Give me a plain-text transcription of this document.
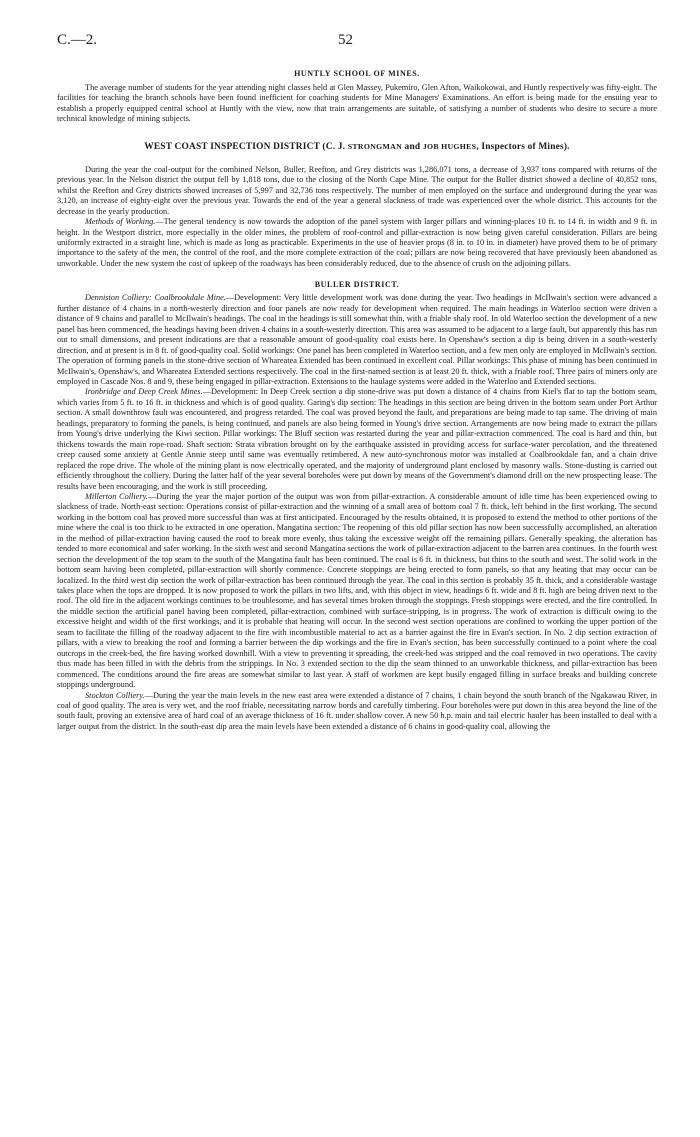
C.—2.	52
HUNTLY SCHOOL OF MINES.

The average number of students for the year attending night classes held at Glen Massey, Pukemiro, Glen Afton, Waikokowai, and Huntly respectively was fifty-eight. The facilities for teaching the branch schools have been found inefficient for coaching students for Mine Managers' Examinations. An effort is being made for the ensuing year to establish a properly equipped central school at Huntly with the view, now that train arrangements are suitable, of satisfying a number of students who desire to secure a more technical knowledge of mining subjects.

WEST COAST INSPECTION DISTRICT (C. J. STRONGMAN and JOB HUGHES, Inspectors of Mines).

During the year the coal-output for the combined Nelson, Buller, Reefton, and Grey districts was 1,286,071 tons, a decrease of 3,937 tons compared with returns of the previous year. In the Nelson district the output fell by 1,818 tons, due to the closing of the North Cape Mine. The output for the Buller district showed a decline of 40,852 tons, whilst the Reefton and Grey districts showed increases of 5,997 and 32,736 tons respectively. The number of men employed on the surface and underground during the year was 3,120, an increase of eighty-eight over the previous year. Towards the end of the year a general slackness of trade was experienced over the whole district. This accounts for the decrease in the yearly production.

Methods of Working.—The general tendency is now towards the adoption of the panel system with larger pillars and winning-places 10 ft. to 14 ft. in width and 9 ft. in height. In the Westport district, more especially in the older mines, the problem of roof-control and pillar-extraction is now being given careful consideration. Pillars are being uniformly extracted in a straight line, which is made as long as practicable. Experiments in the use of heavier props (8 in. to 10 in. in diameter) have proved them to be of primary importance to the safety of the men, the control of the roof, and the more complete extraction of the coal; pillars are now being recovered that have previously been abandoned as unworkable. Under the new system the cost of upkeep of the roadways has been considerably reduced, due to the absence of crush on the adjoining pillars.

BULLER DISTRICT.

Denniston Colliery: Coalbrookdale Mine.—Development: Very little development work was done during the year. Two headings in McIlwain's section were advanced a further distance of 4 chains in a north-westerly direction and four panels are now ready for development when required. The main headings in Waterloo section were driven a distance of 9 chains and parallel to McIlwain's headings. The coal in the headings is still somewhat thin, with a friable shaly roof. In old Waterloo section the development of a new panel has been commenced, the headings having been driven 4 chains in a south-westerly direction. This area was assumed to be adjacent to a large fault, but apparently this has run out to small dimensions, and present indications are that a reasonable amount of good-quality coal exists here. In Openshaw's section a dip is being driven in a south-westerly direction, and at present is in 8 ft. of good-quality coal. Solid workings: One panel has been completed in Waterloo section, and a few men only are employed in McIlwain's section. The operation of forming panels in the stone-drive section of Whareatea Extended has been continued in excellent coal. Pillar workings: This phase of mining has been continued in McIlwain's, Openshaw's, and Whareatea Extended sections respectively. The coal in the first-named section is at least 20 ft. thick, with a friable roof. Three pairs of miners only are employed in Cascade Nos. 8 and 9, these being engaged in pillar-extraction. Extensions to the haulage systems were added in the Waterloo and Extended sections.

Ironbridge and Deep Creek Mines.—Development: In Deep Creek section a dip stone-drive was put down a distance of 4 chains from Kiel's flat to tap the bottom seam, which varies from 5 ft. to 16 ft. in thickness and which is of good quality. Garing's dip section: The headings in this section are being driven in the bottom seam under Port Arthur section. A small downthrow fault was encountered, and progress retarded. The coal was proved beyond the fault, and preparations are being made to tap same. The driving of main headings, preparatory to forming the panels, is being continued, and panels are also being formed in Young's drive section. Arrangements are now being made to extract the pillars from Young's drive underlying the Kiwi section. Pillar workings: The Bluff section was restarted during the year and pillar-extraction commenced. The coal is hard and thin, but thickens towards the main rope-road. Shaft section: Strata vibration brought on by the earthquake assisted in providing access for surface-water percolation, and the threatened creep caused some anxiety at Gentle Annie steep until same was eventually retimbered. A new auto-synchronous motor was installed at Coalbrookdale fan, and a chain drive replaced the rope drive. The whole of the mining plant is now electrically operated, and the majority of underground plant enclosed by masonry walls. Stone-dusting is carried out efficiently throughout the colliery. During the latter half of the year several boreholes were put down by means of the Government's diamond drill on the new prospecting lease. The results have been encouraging, and the work is still proceeding.

Millerton Colliery.—During the year the major portion of the output was won from pillar-extraction. A considerable amount of idle time has been experienced owing to slackness of trade. North-east section: Operations consist of pillar-extraction and the winning of a small area of bottom coal 7 ft. thick, left behind in the first working. The second working in the bottom coal has proved more successful than was at first anticipated. Encouraged by the results obtained, it is proposed to extend the method to other portions of the mine where the coal is too thick to be extracted in one operation. Mangatina section: The reopening of this old pillar section has now been successfully accomplished, an alteration in the method of pillar-extraction having caused the roof to break more evenly, thus taking the excessive weight off the remaining pillars. Generally speaking, the alteration has tended to more economical and safer working. In the sixth west and second Mangatina sections the work of pillar-extraction adjacent to the barren area continues. In the fourth west section the development of the top seam to the south of the Mangatina fault has been continued. The coal is 6 ft. in thickness, but thins to the south and west. The solid work in the bottom seam having been completed, pillar-extraction will shortly commence. Concrete stoppings are being erected to form panels, so that any heating that may occur can be localized. In the third west dip section the work of pillar-extraction has been continued through the year. The coal in this section is probably 35 ft. thick, and a considerable wastage takes place when the tops are dropped. It is now proposed to work the pillars in two lifts, and, with this object in view, headings 6 ft. wide and 8 ft. high are being driven next to the roof. The old fire in the adjacent workings continues to be troublesome, and has several times broken through the stoppings. Fresh stoppings were erected, and the fire controlled. In the middle section the artificial panel having been completed, pillar-extraction, combined with surface-stripping, is in progress. The work of extraction is difficult owing to the excessive height and width of the first workings, and it is probable that heating will occur. In the second west section operations are confined to working the upper portion of the seam to facilitate the filling of the roadway adjacent to the fire with incombustible material to act as a barrier against the fire in Evan's section. In No. 2 dip section extraction of pillars, with a view to breaking the roof and forming a barrier between the dip workings and the fire in Evan's section, has been successfully continued to a point where the coal outcrops in the creek-bed, the fire having worked downhill. With a view to preventing it spreading, the creek-bed was stripped and the coal removed in two operations. The cavity thus made has been filled in with the debris from the strippings. In No. 3 extended section to the dip the seam thinned to an unworkable thickness, and pillar-extraction has been commenced. The conditions around the fire areas are somewhat similar to last year. A staff of workmen are kept busily engaged filling in surface breaks and building concrete stoppings underground.

Stockton Colliery.—During the year the main levels in the new east area were extended a distance of 7 chains, 1 chain beyond the south branch of the Ngakawau River, in coal of good quality. The area is very wet, and the roof friable, necessitating narrow bords and carefully timbering. Four boreholes were put down in this area beyond the line of the south fault, proving an extensive area of hard coal of an average thickness of 16 ft. under shallow cover. A new 50 h.p. main and tail electric hauler has been installed to deal with a larger output from the district. In the south-east dip area the main levels have been extended a distance of 6 chains in good-quality coal, allowing the
